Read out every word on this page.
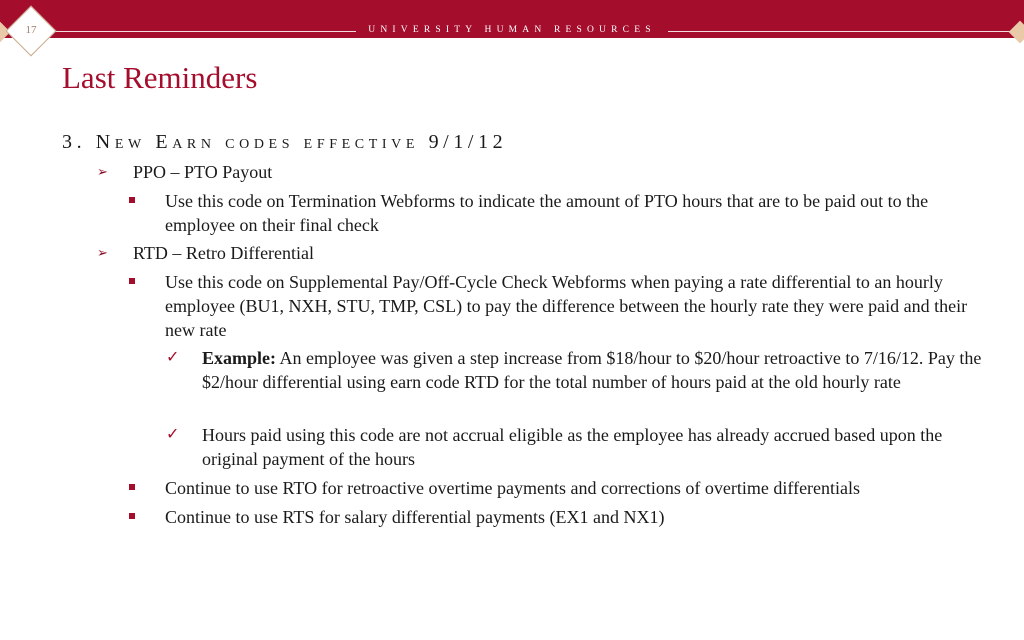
UNIVERSITY HUMAN RESOURCES
17
Last Reminders
3. New Earn codes effective 9/1/12
➢ PPO – PTO Payout
Use this code on Termination Webforms to indicate the amount of PTO hours that are to be paid out to the employee on their final check
➢ RTD – Retro Differential
Use this code on Supplemental Pay/Off-Cycle Check Webforms when paying a rate differential to an hourly employee (BU1, NXH, STU, TMP, CSL) to pay the difference between the hourly rate they were paid and their new rate
✓ Example: An employee was given a step increase from $18/hour to $20/hour retroactive to 7/16/12. Pay the $2/hour differential using earn code RTD for the total number of hours paid at the old hourly rate
✓ Hours paid using this code are not accrual eligible as the employee has already accrued based upon the original payment of the hours
Continue to use RTO for retroactive overtime payments and corrections of overtime differentials
Continue to use RTS for salary differential payments (EX1 and NX1)
